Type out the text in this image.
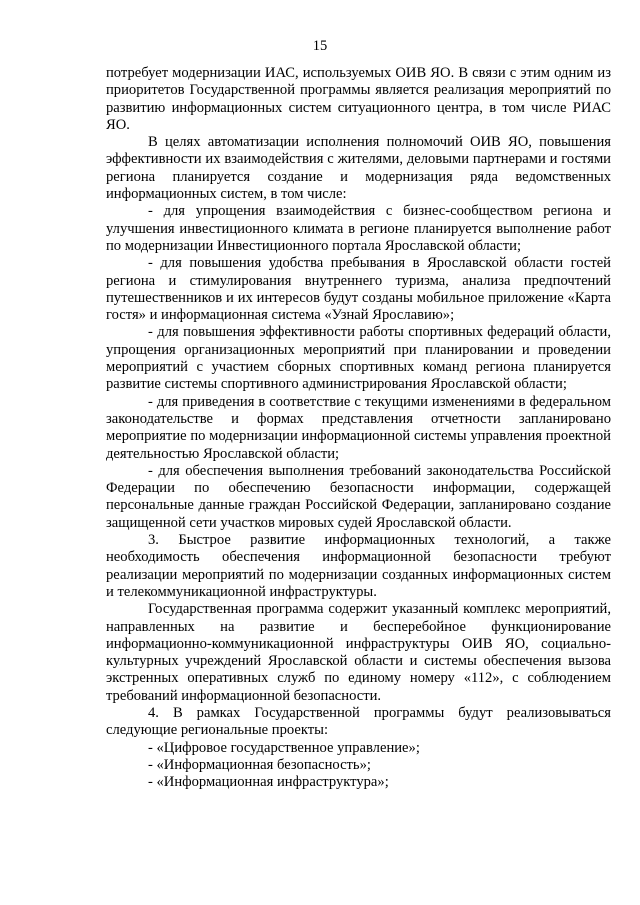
15

потребует модернизации ИАС, используемых ОИВ ЯО. В связи с этим одним из приоритетов Государственной программы является реализация мероприятий по развитию информационных систем ситуационного центра, в том числе РИАС ЯО.

В целях автоматизации исполнения полномочий ОИВ ЯО, повышения эффективности их взаимодействия с жителями, деловыми партнерами и гостями региона планируется создание и модернизация ряда ведомственных информационных систем, в том числе:

- для упрощения взаимодействия с бизнес-сообществом региона и улучшения инвестиционного климата в регионе планируется выполнение работ по модернизации Инвестиционного портала Ярославской области;

- для повышения удобства пребывания в Ярославской области гостей региона и стимулирования внутреннего туризма, анализа предпочтений путешественников и их интересов будут созданы мобильное приложение «Карта гостя» и информационная система «Узнай Ярославию»;

- для повышения эффективности работы спортивных федераций области, упрощения организационных мероприятий при планировании и проведении мероприятий с участием сборных спортивных команд региона планируется развитие системы спортивного администрирования Ярославской области;

- для приведения в соответствие с текущими изменениями в федеральном законодательстве и формах представления отчетности запланировано мероприятие по модернизации информационной системы управления проектной деятельностью Ярославской области;

- для обеспечения выполнения требований законодательства Российской Федерации по обеспечению безопасности информации, содержащей персональные данные граждан Российской Федерации, запланировано создание защищенной сети участков мировых судей Ярославской области.

3. Быстрое развитие информационных технологий, а также необходимость обеспечения информационной безопасности требуют реализации мероприятий по модернизации созданных информационных систем и телекоммуникационной инфраструктуры.

Государственная программа содержит указанный комплекс мероприятий, направленных на развитие и бесперебойное функционирование информационно-коммуникационной инфраструктуры ОИВ ЯО, социально-культурных учреждений Ярославской области и системы обеспечения вызова экстренных оперативных служб по единому номеру «112», с соблюдением требований информационной безопасности.

4. В рамках Государственной программы будут реализовываться следующие региональные проекты:

- «Цифровое государственное управление»;

- «Информационная безопасность»;

- «Информационная инфраструктура»;
